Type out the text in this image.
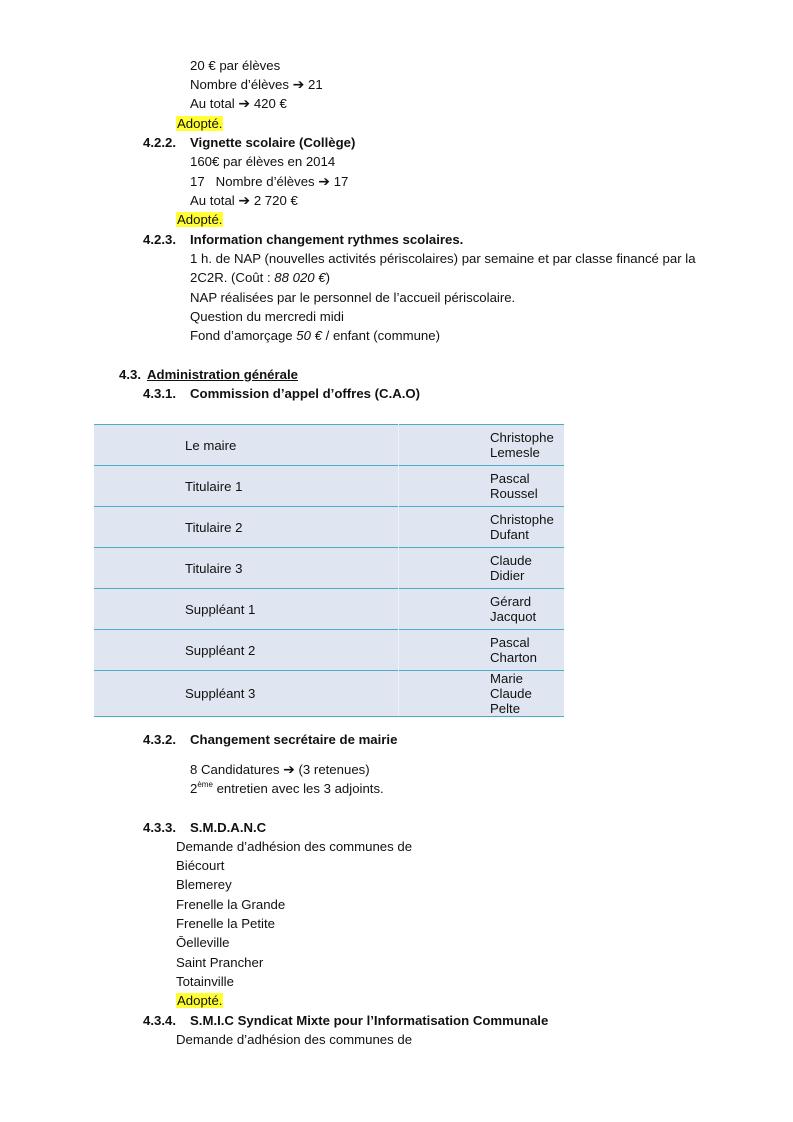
20 € par élèves
Nombre d’élèves ➔ 21
Au total ➔ 420 €
Adopté.
4.2.2. Vignette scolaire (Collège)
160€ par élèves en 2014
17 Nombre d’élèves ➔ 17
Au total ➔ 2 720 €
Adopté.
4.2.3. Information changement rythmes scolaires.
1 h. de NAP (nouvelles activités périscolaires) par semaine et par classe financé par la
2C2R. (Coût : 88 020 €)
NAP réalisées par le personnel de l’accueil périscolaire.
Question du mercredi midi
Fond d’amorçage 50 € / enfant (commune)
4.3. Administration générale
4.3.1. Commission d’appel d’offres (C.A.O)
Le maire	Christophe Lemesle
Titulaire 1	Pascal Roussel
Titulaire 2	Christophe Dufant
Titulaire 3	Claude Didier
Suppléant 1	Gérard Jacquot
Suppléant 2	Pascal Charton
Suppléant 3	Marie Claude Pelte
4.3.2. Changement secrétaire de mairie
8 Candidatures ➔ (3 retenues)
2ème entretien avec les 3 adjoints.
4.3.3. S.M.D.A.N.C
Demande d’adhésion des communes de
Biécourt
Blemerey
Frenelle la Grande
Frenelle la Petite
Ōelleville
Saint Prancher
Totainville
Adopté.
4.3.4. S.M.I.C Syndicat Mixte pour l’Informatisation Communale
Demande d’adhésion des communes de
